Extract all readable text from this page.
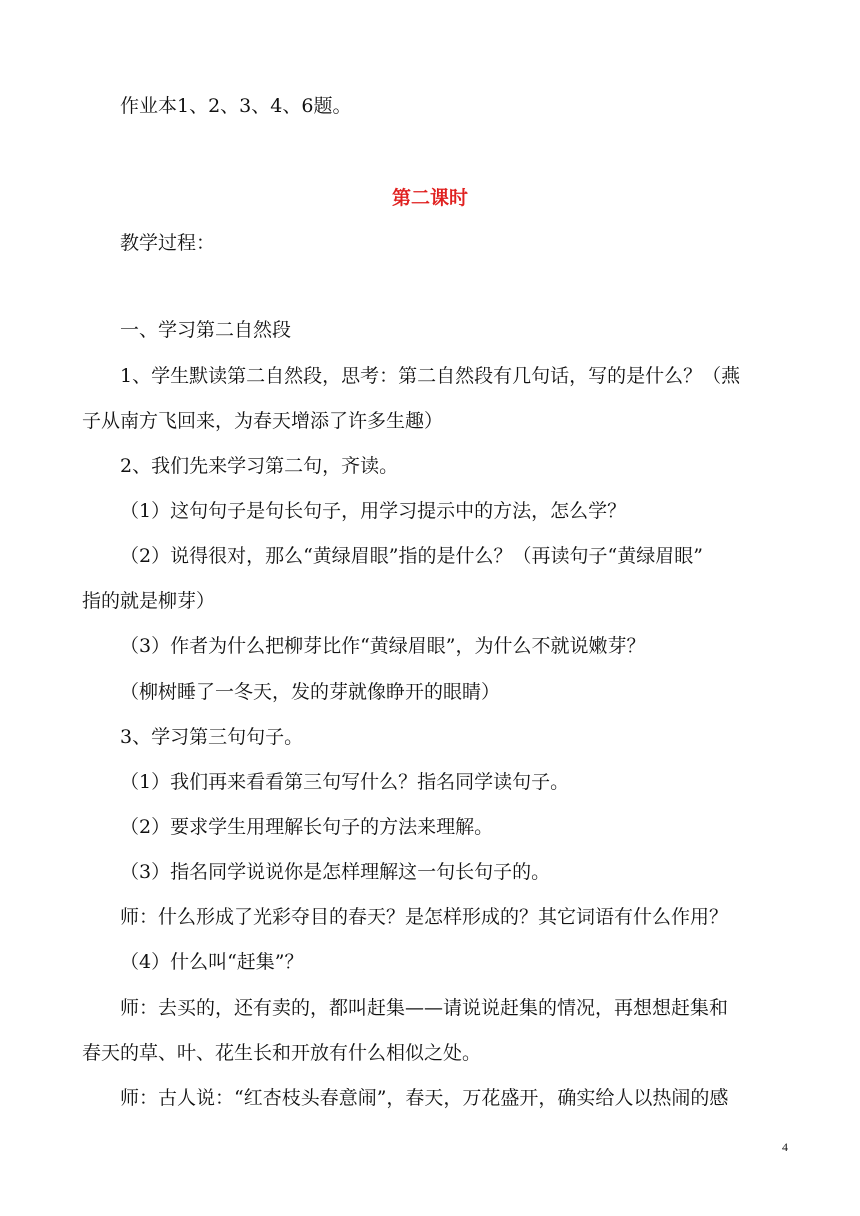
作业本1、2、3、4、6题。
第二课时
教学过程：
一、学习第二自然段
1、学生默读第二自然段，思考：第二自然段有几句话，写的是什么？（燕
子从南方飞回来，为春天增添了许多生趣）
2、我们先来学习第二句，齐读。
（1）这句句子是句长句子，用学习提示中的方法，怎么学？
（2）说得很对，那么“黄绿眉眼”指的是什么？（再读句子“黄绿眉眼”
指的就是柳芽）
（3）作者为什么把柳芽比作“黄绿眉眼”，为什么不就说嫩芽？
（柳树睡了一冬天，发的芽就像睁开的眼睛）
3、学习第三句句子。
（1）我们再来看看第三句写什么？指名同学读句子。
（2）要求学生用理解长句子的方法来理解。
（3）指名同学说说你是怎样理解这一句长句子的。
师：什么形成了光彩夺目的春天？是怎样形成的？其它词语有什么作用？
（4）什么叫“赶集”？
师：去买的，还有卖的，都叫赶集——请说说赶集的情况，再想想赶集和
春天的草、叶、花生长和开放有什么相似之处。
师：古人说：“红杏枝头春意闹”，春天，万花盛开，确实给人以热闹的感
4
